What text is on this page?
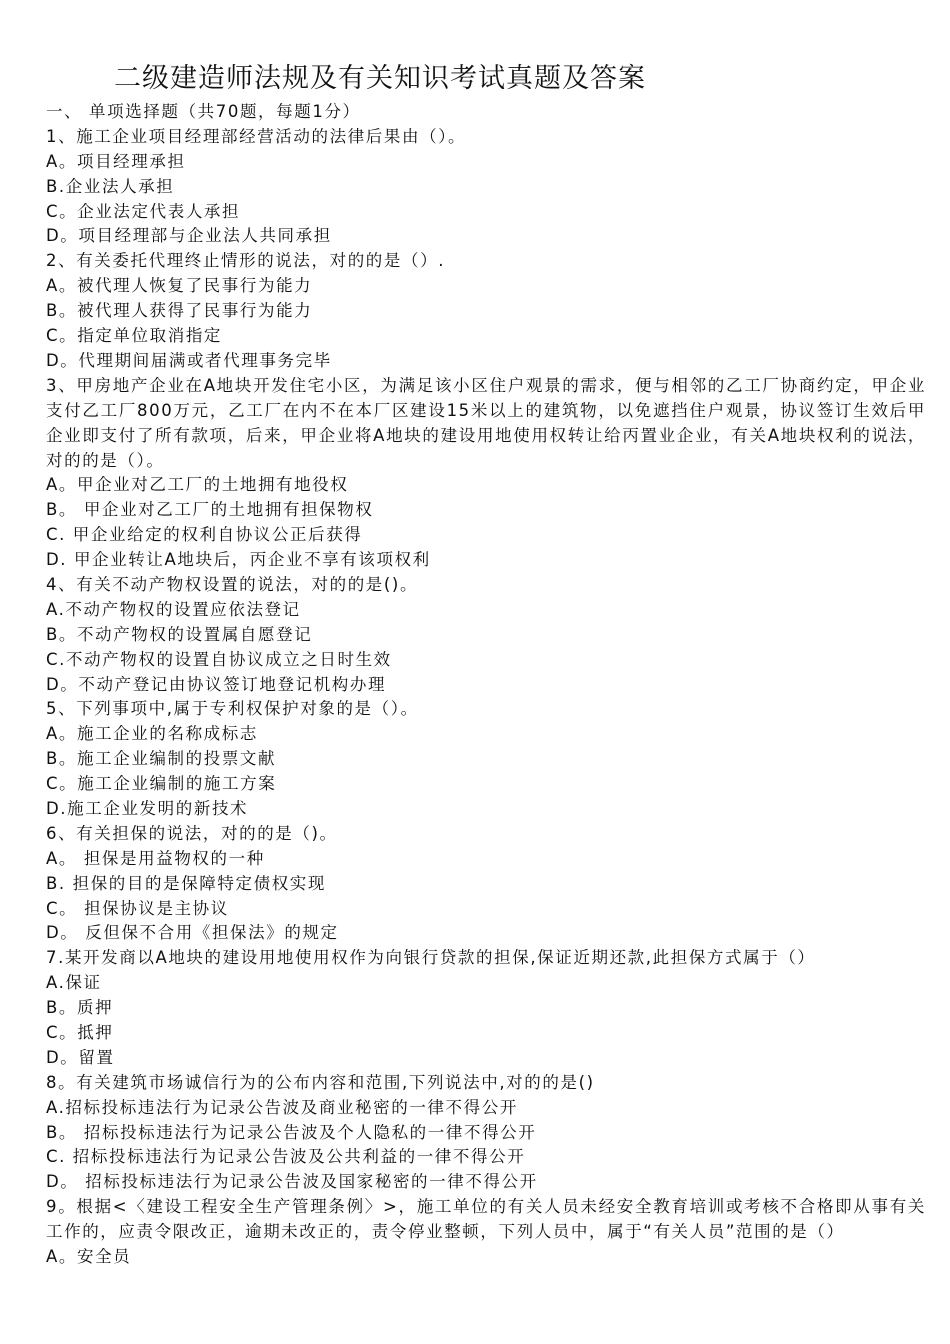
二级建造师法规及有关知识考试真题及答案
一、 单项选择题（共70题，每题1分）
1、施工企业项目经理部经营活动的法律后果由（）。
A。项目经理承担
B.企业法人承担
C。企业法定代表人承担
D。项目经理部与企业法人共同承担
2、有关委托代理终止情形的说法，对的的是（）.
A。被代理人恢复了民事行为能力
B。被代理人获得了民事行为能力
C。指定单位取消指定
D。代理期间届满或者代理事务完毕
3、甲房地产企业在A地块开发住宅小区，为满足该小区住户观景的需求，便与相邻的乙工厂协商约定，甲企业支付乙工厂800万元，乙工厂在内不在本厂区建设15米以上的建筑物，以免遮挡住户观景，协议签订生效后甲企业即支付了所有款项，后来，甲企业将A地块的建设用地使用权转让给丙置业企业，有关A地块权利的说法，对的的是（）。
A。甲企业对乙工厂的土地拥有地役权
B。 甲企业对乙工厂的土地拥有担保物权
C. 甲企业给定的权利自协议公正后获得
D. 甲企业转让A地块后，丙企业不享有该项权利
4、有关不动产物权设置的说法，对的的是()。
A.不动产物权的设置应依法登记
B。不动产物权的设置属自愿登记
C.不动产物权的设置自协议成立之日时生效
D。不动产登记由协议签订地登记机构办理
5、下列事项中,属于专利权保护对象的是（）。
A。施工企业的名称成标志
B。施工企业编制的投票文献
C。施工企业编制的施工方案
D.施工企业发明的新技术
6、有关担保的说法，对的的是（)。
A。 担保是用益物权的一种
B. 担保的目的是保障特定债权实现
C。 担保协议是主协议
D。 反但保不合用《担保法》的规定
7.某开发商以A地块的建设用地使用权作为向银行贷款的担保,保证近期还款,此担保方式属于（）
A.保证
B。质押
C。抵押
D。留置
8。有关建筑市场诚信行为的公布内容和范围,下列说法中,对的的是()
A.招标投标违法行为记录公告波及商业秘密的一律不得公开
B。 招标投标违法行为记录公告波及个人隐私的一律不得公开
C. 招标投标违法行为记录公告波及公共利益的一律不得公开
D。 招标投标违法行为记录公告波及国家秘密的一律不得公开
9。根据<〈建设工程安全生产管理条例〉>，施工单位的有关人员未经安全教育培训或考核不合格即从事有关工作的，应责令限改正，逾期未改正的，责令停业整顿，下列人员中，属于“有关人员”范围的是（）
A。安全员
